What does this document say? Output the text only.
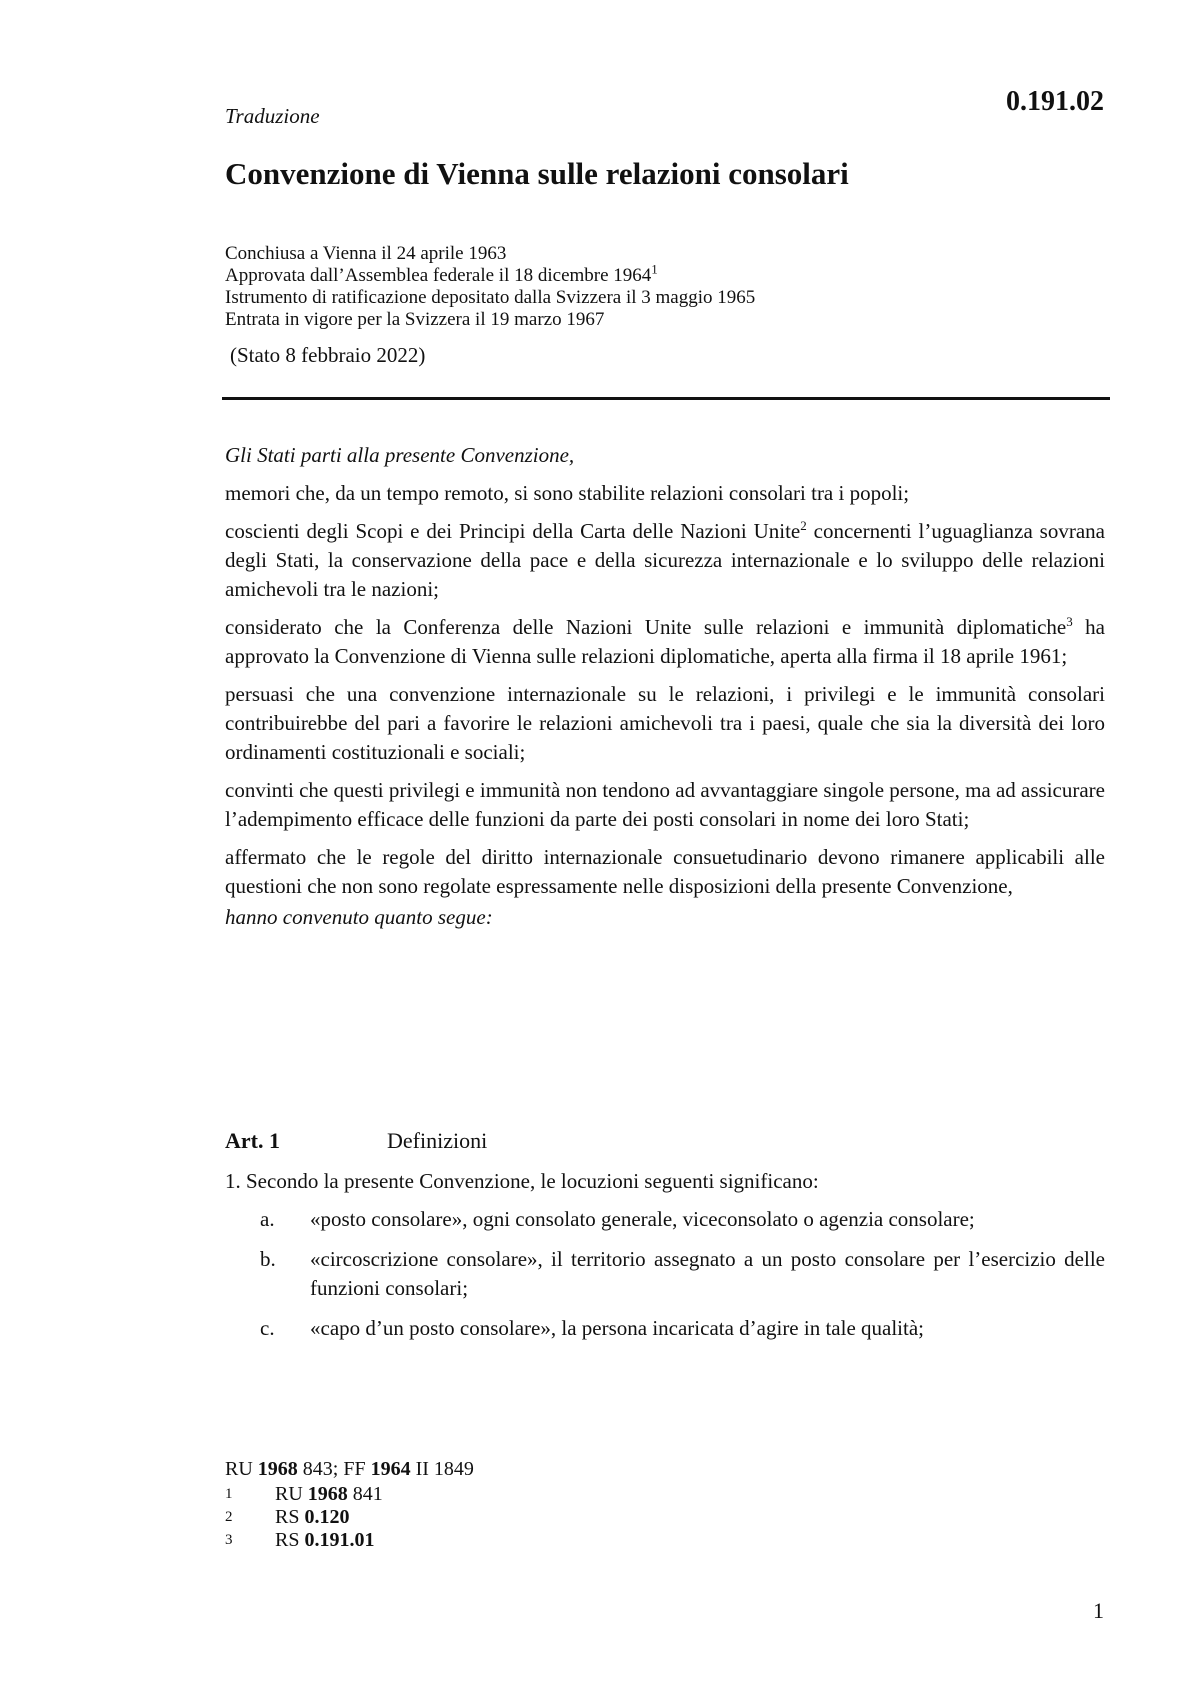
0.191.02
Traduzione
Convenzione di Vienna sulle relazioni consolari
Conchiusa a Vienna il 24 aprile 1963
Approvata dall’Assemblea federale il 18 dicembre 1964$^1$
Istrumento di ratificazione depositato dalla Svizzera il 3 maggio 1965
Entrata in vigore per la Svizzera il 19 marzo 1967
(Stato 8 febbraio 2022)

Gli Stati parti alla presente Convenzione,

memori che, da un tempo remoto, si sono stabilite relazioni consolari tra i popoli;

coscienti degli Scopi e dei Principi della Carta delle Nazioni Unite$^2$ concernenti l’uguaglianza sovrana degli Stati, la conservazione della pace e della sicurezza internazionale e lo sviluppo delle relazioni amichevoli tra le nazioni;

considerato che la Conferenza delle Nazioni Unite sulle relazioni e immunità diplomatiche$^3$ ha approvato la Convenzione di Vienna sulle relazioni diplomatiche, aperta alla firma il 18 aprile 1961;

persuasi che una convenzione internazionale su le relazioni, i privilegi e le immunità consolari contribuirebbe del pari a favorire le relazioni amichevoli tra i paesi, quale che sia la diversità dei loro ordinamenti costituzionali e sociali;

convinti che questi privilegi e immunità non tendono ad avvantaggiare singole persone, ma ad assicurare l’adempimento efficace delle funzioni da parte dei posti consolari in nome dei loro Stati;

affermato che le regole del diritto internazionale consuetudinario devono rimanere applicabili alle questioni che non sono regolate espressamente nelle disposizioni della presente Convenzione,

hanno convenuto quanto segue:

Art. 1	Definizioni

1. Secondo la presente Convenzione, le locuzioni seguenti significano:

a.	«posto consolare», ogni consolato generale, viceconsolato o agenzia consolare;
b.	«circoscrizione consolare», il territorio assegnato a un posto consolare per l’esercizio delle funzioni consolari;
c.	«capo d’un posto consolare», la persona incaricata d’agire in tale qualità;
RU 1968 843; FF 1964 II 1849
1	RU 1968 841
2	RS 0.120
3	RS 0.191.01
1
